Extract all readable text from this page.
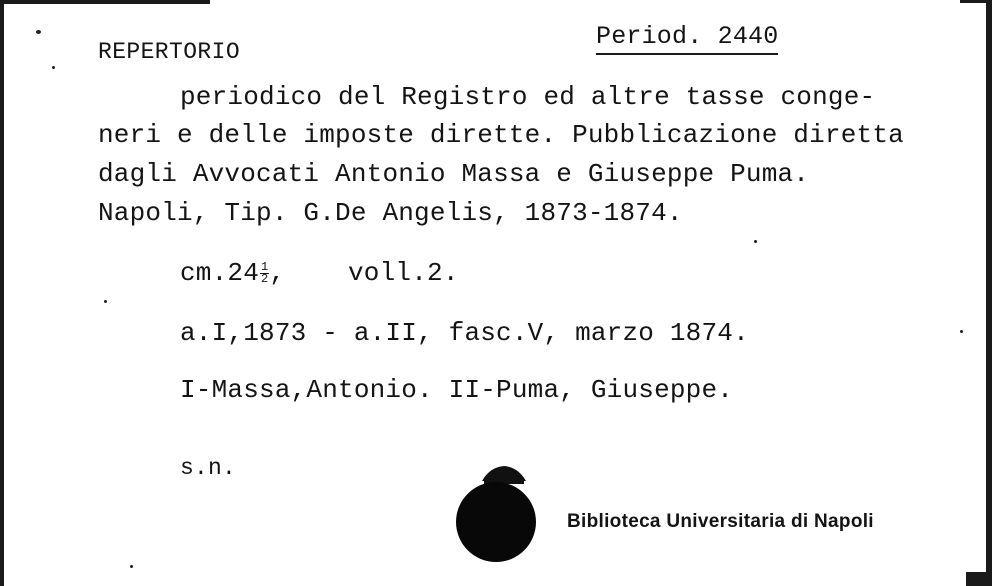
REPERTORIO
Period. 2440
periodico del Registro ed altre tasse conge-
neri e delle imposte dirette. Pubblicazione diretta
dagli Avvocati Antonio Massa e Giuseppe Puma.
Napoli, Tip. G.De Angelis, 1873-1874.
$cm.24 \frac{1}{2}$ , voll.2.
a.I,1873 - a.II, fasc.V, marzo 1874.
I-Massa,Antonio. II-Puma, Giuseppe.
s.n.
Biblioteca Universitaria di Napoli
